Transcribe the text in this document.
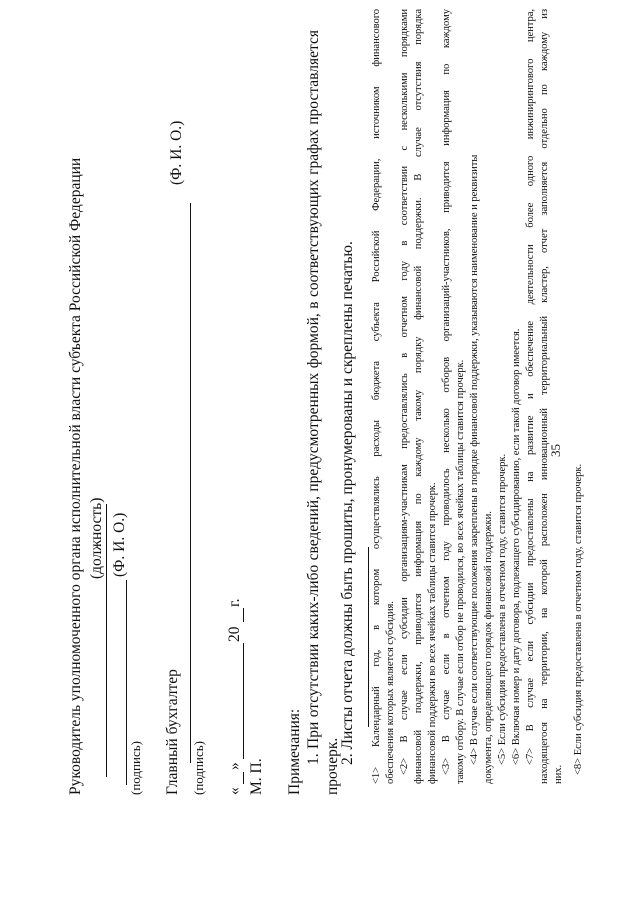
35
Руководитель уполномоченного органа исполнительной власти субъекта Российской Федерации (должность) (Ф. И. О.)
(подпись) Главный бухгалтер
(Ф. И. О.)
(подпись) «
»
20
г.
М. П. Примечания: 1. При отсутствии каких-либо сведений, предусмотренных формой, в соответствующих графах проставляется
прочерк.
2. Листы отчета должны быть прошиты, пронумерованы и скреплены печатью. <1> Календарный год, в котором осуществлялись расходы бюджета субъекта Российской Федерации, источником финансового обеспечения которых является субсидия. <2> В случае если субсидии организациям-участникам предоставлялись в отчетном году в соответствии с несколькими порядками финансовой поддержки, приводится информация по каждому такому порядку финансовой поддержки. В случае отсутствия порядка финансовой поддержки во всех ячейках таблицы ставится прочерк. <3> В случае если в отчетном году проводилось несколько отборов организаций-участников, приводится информация по каждому такому отбору. В случае если отбор не проводился, во всех ячейках таблицы ставится прочерк. <4> В случае если соответствующие положения закреплены в порядке финансовой поддержки, указываются наименование и реквизиты документа, определяющего порядок финансовой поддержки. <5> Если субсидия предоставлена в отчетном году, ставится прочерк. <6> Включая номер и дату договора, подлежащего субсидированию, если такой договор имеется. <7> В случае если субсидии предоставлены на развитие и обеспечение деятельности более одного инжинирингового центра, находящегося на территории, на которой расположен инновационный территориальный кластер, отчет заполняется отдельно по каждому из них. <8> Если субсидия предоставлена в отчетном году, ставится прочерк.
